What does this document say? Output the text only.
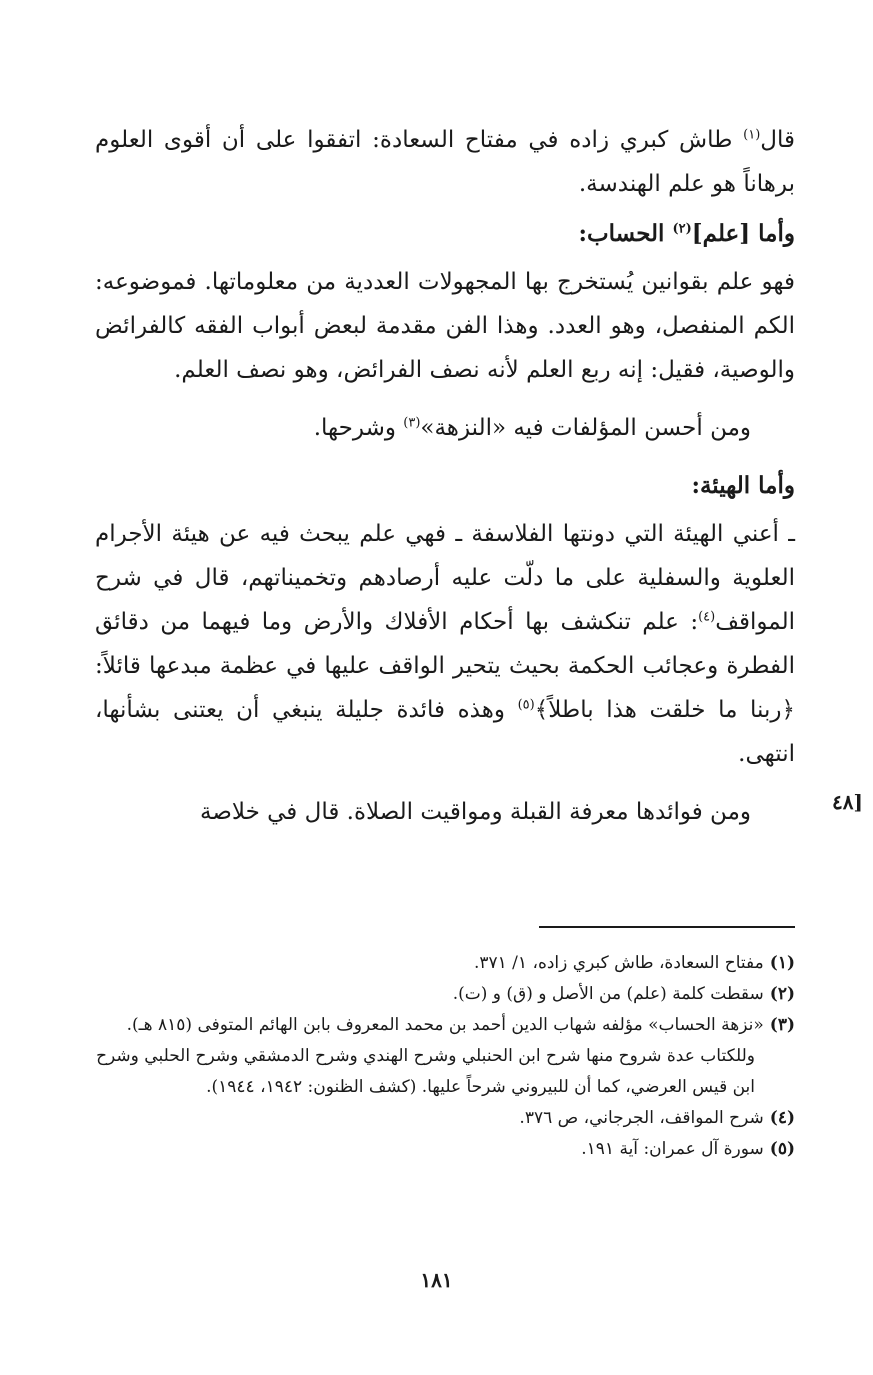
قال$^{(١)}$ طاش كبري زاده في مفتاح السعادة: اتفقوا على أن أقوى العلوم برهاناً هو علم الهندسة.

وأما [علم]$^{(٢)}$ الحساب:

فهو علم بقوانين يُستخرج بها المجهولات العددية من معلوماتها. فموضوعه: الكم المنفصل، وهو العدد. وهذا الفن مقدمة لبعض أبواب الفقه كالفرائض والوصية، فقيل: إنه ربع العلم لأنه نصف الفرائض، وهو نصف العلم.

ومن أحسن المؤلفات فيه «النزهة»$^{(٣)}$ وشرحها.

وأما الهيئة:

ـ أعني الهيئة التي دونتها الفلاسفة ـ فهي علم يبحث فيه عن هيئة الأجرام العلوية والسفلية على ما دلّت عليه أرصادهم وتخميناتهم، قال في شرح المواقف$^{(٤)}$: علم تنكشف بها أحكام الأفلاك والأرض وما فيهما من دقائق الفطرة وعجائب الحكمة بحيث يتحير الواقف عليها في عظمة مبدعها قائلاً: ﴿ربنا ما خلقت هذا باطلاً﴾$^{(٥)}$ وهذه فائدة جليلة ينبغي أن يعتنى بشأنها، انتهى.

ومن فوائدها معرفة القبلة ومواقيت الصلاة. قال في خلاصة	[٤٨

(١)مفتاح السعادة، طاش كبري زاده، ١/ ٣٧١.

(٢)سقطت كلمة (علم) من الأصل و (ق) و (ت).

(٣)«نزهة الحساب» مؤلفه شهاب الدين أحمد بن محمد المعروف بابن الهائم المتوفى (٨١٥ هـ).

وللكتاب عدة شروح منها شرح ابن الحنبلي وشرح الهندي وشرح الدمشقي وشرح الحلبي وشرح ابن قيس العرضي، كما أن للبيروني شرحاً عليها. (كشف الظنون: ١٩٤٢، ١٩٤٤).

(٤)شرح المواقف، الجرجاني، ص ٣٧٦.

(٥)سورة آل عمران: آية ١٩١.

١٨١
